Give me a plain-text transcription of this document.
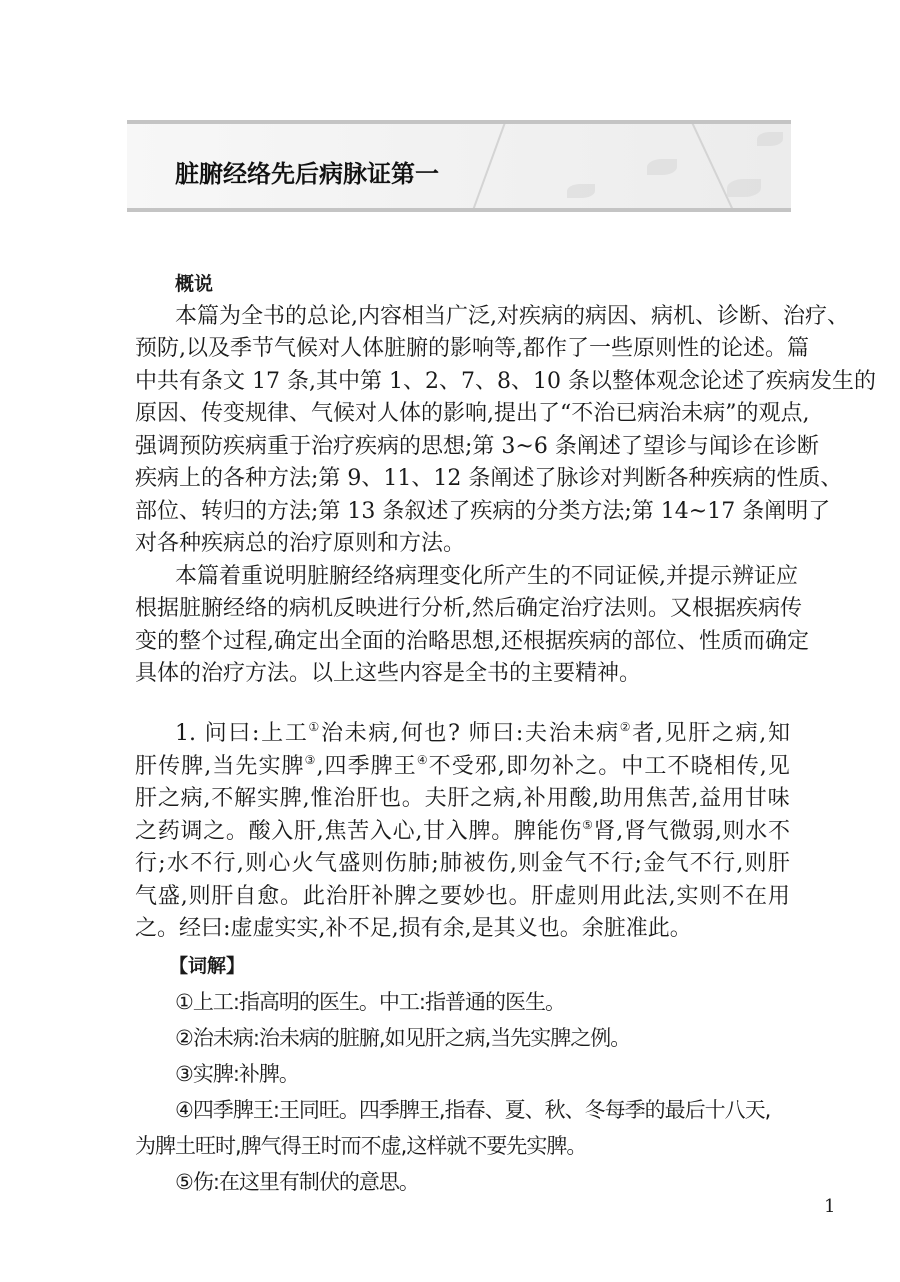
脏腑经络先后病脉证第一
概说
本篇为全书的总论,内容相当广泛,对疾病的病因、病机、诊断、治疗、
预防,以及季节气候对人体脏腑的影响等,都作了一些原则性的论述。篇
中共有条文 17 条,其中第 1、2、7、8、10 条以整体观念论述了疾病发生的
原因、传变规律、气候对人体的影响,提出了“不治已病治未病”的观点,
强调预防疾病重于治疗疾病的思想;第 3~6 条阐述了望诊与闻诊在诊断
疾病上的各种方法;第 9、11、12 条阐述了脉诊对判断各种疾病的性质、
部位、转归的方法;第 13 条叙述了疾病的分类方法;第 14~17 条阐明了
对各种疾病总的治疗原则和方法。
本篇着重说明脏腑经络病理变化所产生的不同证候,并提示辨证应
根据脏腑经络的病机反映进行分析,然后确定治疗法则。又根据疾病传
变的整个过程,确定出全面的治略思想,还根据疾病的部位、性质而确定
具体的治疗方法。以上这些内容是全书的主要精神。
1. 问曰:上工①治未病,何也? 师曰:夫治未病②者,见肝之病,知
肝传脾,当先实脾③,四季脾王④不受邪,即勿补之。中工不晓相传,见
肝之病,不解实脾,惟治肝也。夫肝之病,补用酸,助用焦苦,益用甘味
之药调之。酸入肝,焦苦入心,甘入脾。脾能伤⑤肾,肾气微弱,则水不
行;水不行,则心火气盛则伤肺;肺被伤,则金气不行;金气不行,则肝
气盛,则肝自愈。此治肝补脾之要妙也。肝虚则用此法,实则不在用
之。经曰:虚虚实实,补不足,损有余,是其义也。余脏准此。
【词解】
①上工:指高明的医生。中工:指普通的医生。
②治未病:治未病的脏腑,如见肝之病,当先实脾之例。
③实脾:补脾。
④四季脾王:王同旺。四季脾王,指春、夏、秋、冬每季的最后十八天,
为脾土旺时,脾气得王时而不虚,这样就不要先实脾。
⑤伤:在这里有制伏的意思。
1
